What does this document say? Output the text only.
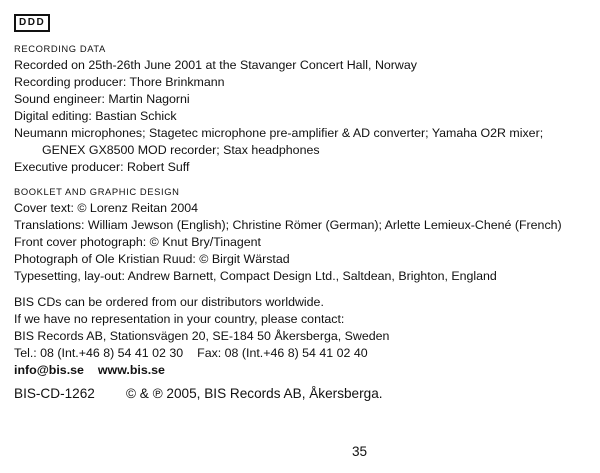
DDD
RECORDING DATA
Recorded on 25th-26th June 2001 at the Stavanger Concert Hall, Norway
Recording producer: Thore Brinkmann
Sound engineer: Martin Nagorni
Digital editing: Bastian Schick
Neumann microphones; Stagetec microphone pre-amplifier & AD converter; Yamaha O2R mixer;
GENEX GX8500 MOD recorder; Stax headphones
Executive producer: Robert Suff
BOOKLET AND GRAPHIC DESIGN
Cover text: © Lorenz Reitan 2004
Translations: William Jewson (English); Christine Römer (German); Arlette Lemieux-Chené (French)
Front cover photograph: © Knut Bry/Tinagent
Photograph of Ole Kristian Ruud: © Birgit Wärstad
Typesetting, lay-out: Andrew Barnett, Compact Design Ltd., Saltdean, Brighton, England
BIS CDs can be ordered from our distributors worldwide.
If we have no representation in your country, please contact:
BIS Records AB, Stationsvägen 20, SE-184 50 Åkersberga, Sweden
Tel.: 08 (Int.+46 8) 54 41 02 30 Fax: 08 (Int.+46 8) 54 41 02 40
info@bis.se www.bis.se
BIS-CD-1262 © & ℗ 2005, BIS Records AB, Åkersberga.
35
